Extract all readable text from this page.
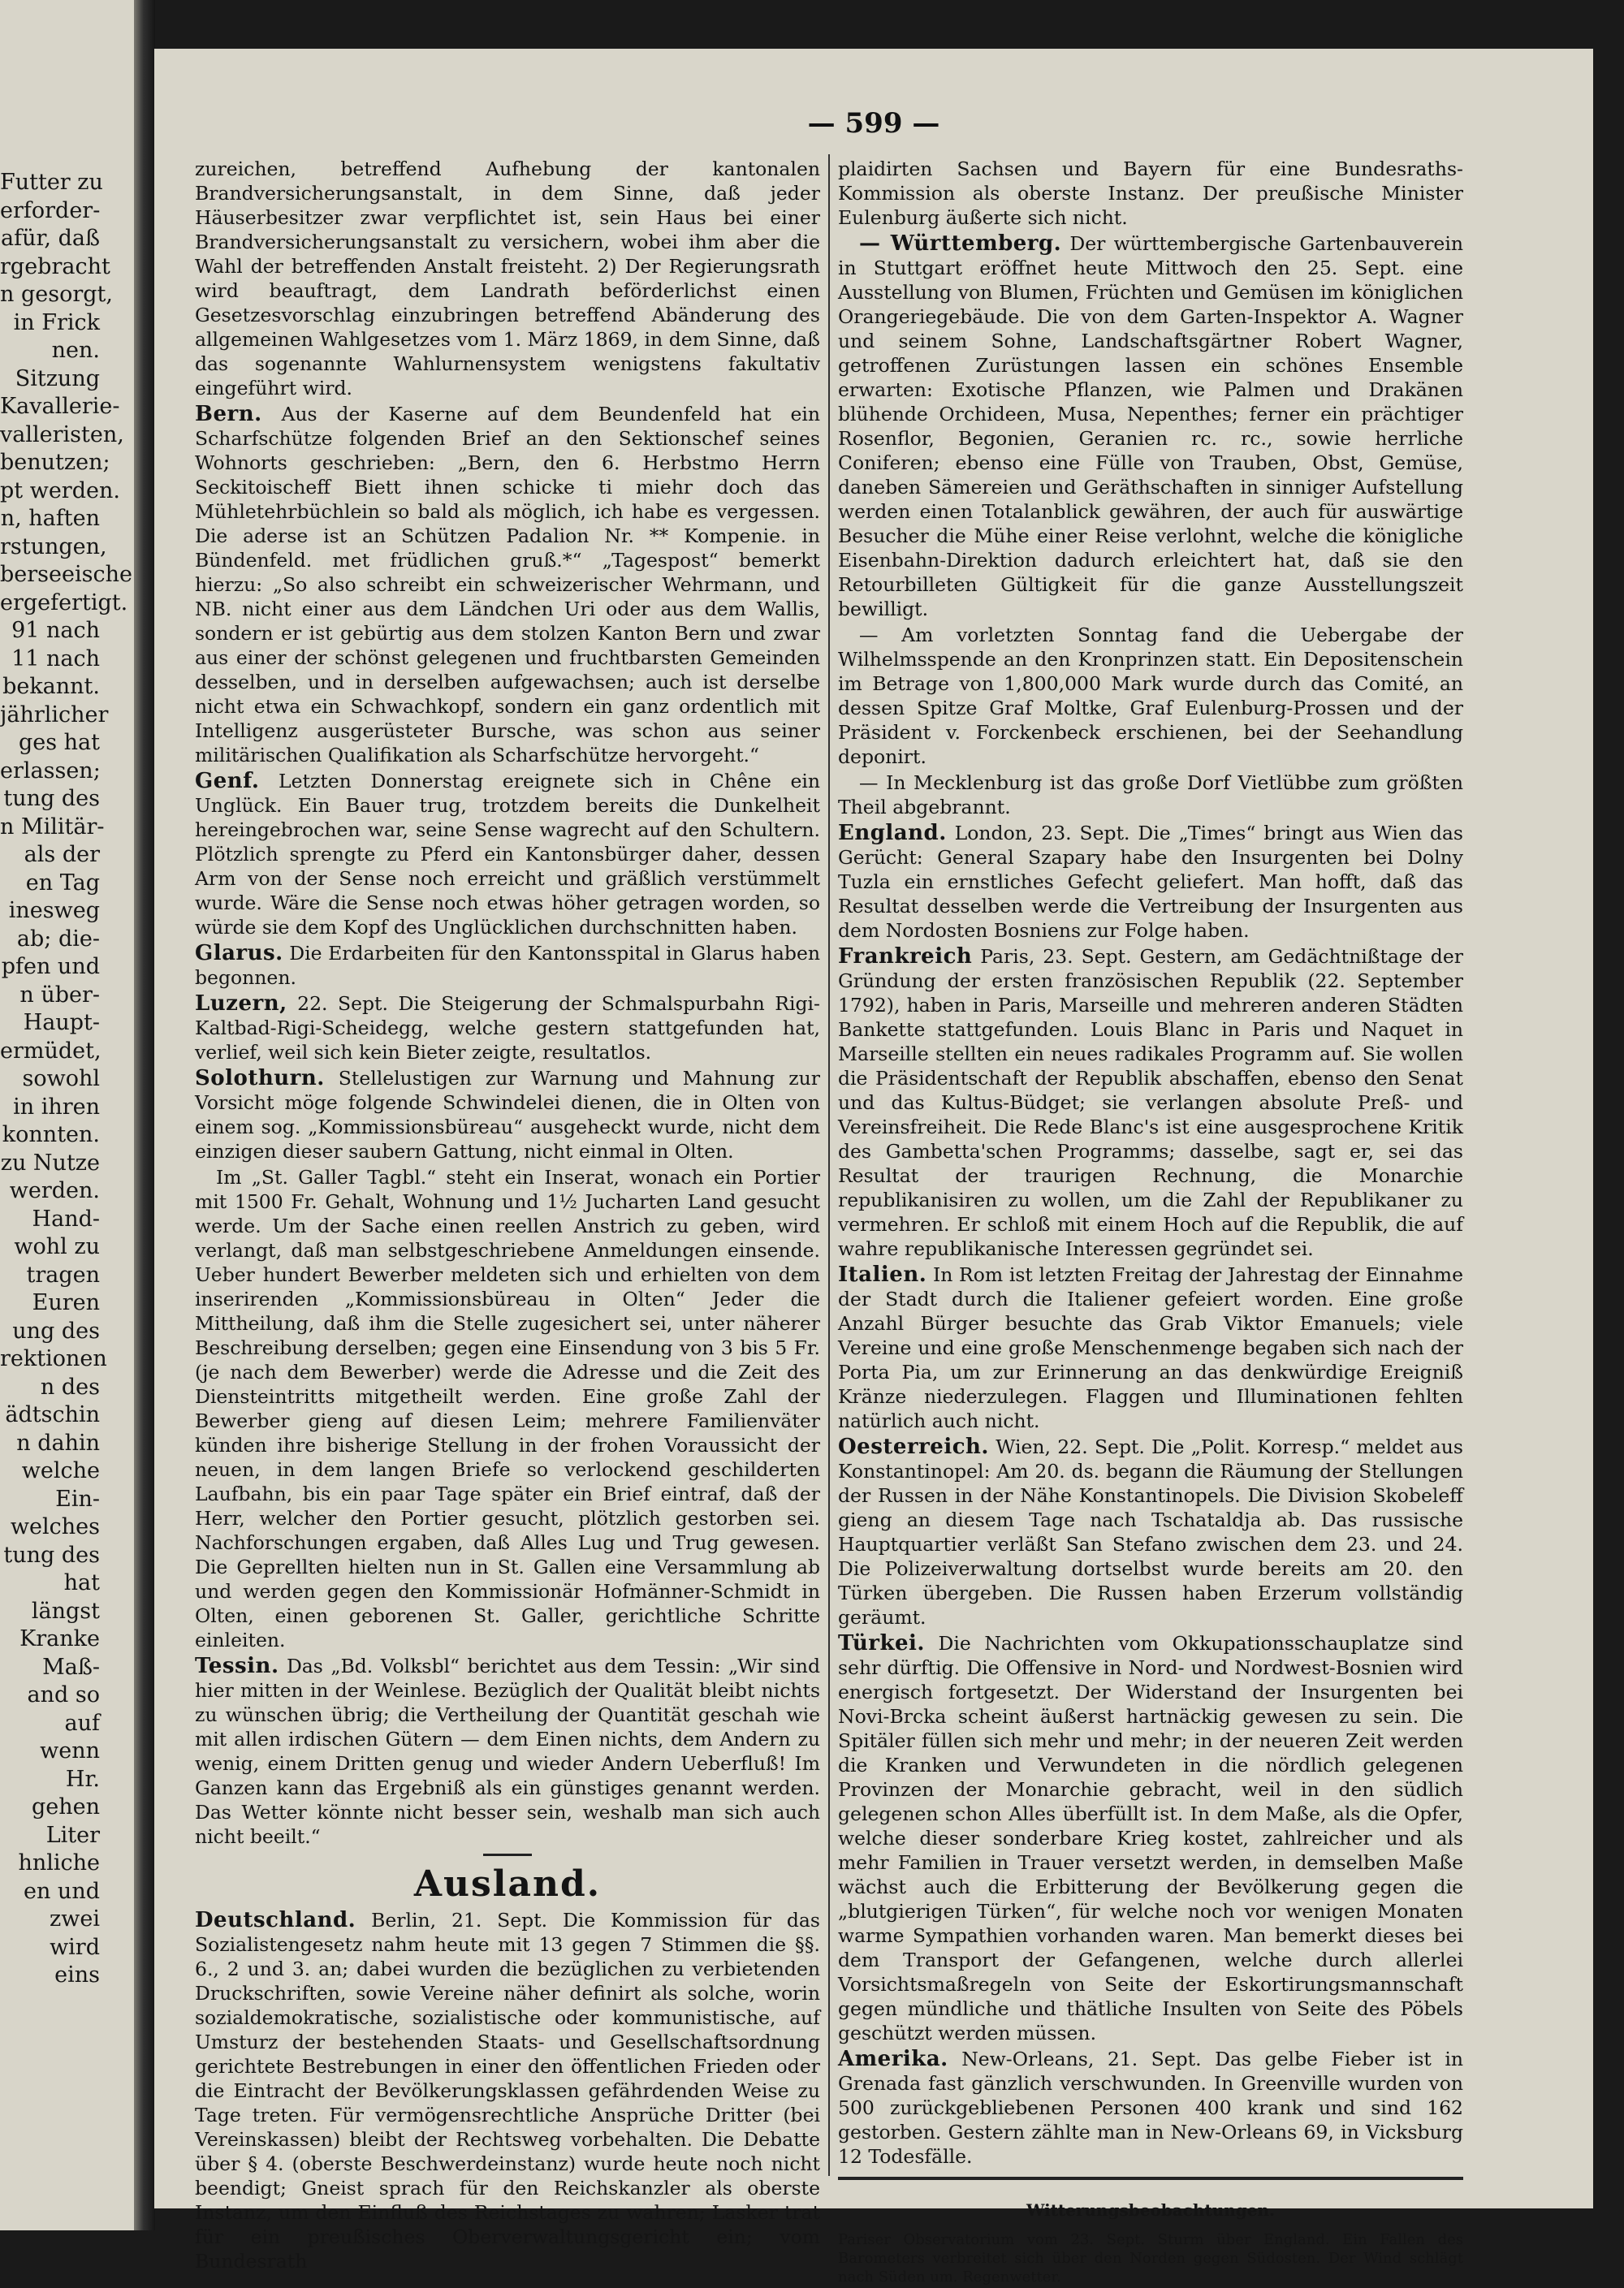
Futter zu
erforder-
afür, daß
rgebracht
n gesorgt,
in Frick
nen.
Sitzung
Kavallerie-
valleristen,
benutzen;
pt werden.
n, haften
rstungen,
berseeische
ergefertigt.
91 nach
11 nach
bekannt.
jährlicher
ges hat
erlassen;
tung des
n Militär-
als der
en Tag
inesweg
ab; die-
pfen und
n über-
Haupt-
ermüdet,
sowohl
in ihren
konnten.
zu Nutze
werden.
Hand-
wohl zu
tragen
Euren
ung des
rektionen
n des
ädtschin
n dahin
welche
Ein-
welches
tung des
hat
längst
Kranke
Maß-
and so
auf
wenn
Hr.
gehen
Liter
hnliche
en und
zwei
wird
eins
— 599 —

zureichen, betreffend Aufhebung der kantonalen Brandversicherungsanstalt, in dem Sinne, daß jeder Häuserbesitzer zwar verpflichtet ist, sein Haus bei einer Brandversicherungsanstalt zu versichern, wobei ihm aber die Wahl der betreffenden Anstalt freisteht. 2) Der Regierungsrath wird beauftragt, dem Landrath beförderlichst einen Gesetzesvorschlag einzubringen betreffend Abänderung des allgemeinen Wahlgesetzes vom 1. März 1869, in dem Sinne, daß das sogenannte Wahlurnensystem wenigstens fakultativ eingeführt wird.

Bern. Aus der Kaserne auf dem Beundenfeld hat ein Scharfschütze folgenden Brief an den Sektionschef seines Wohnorts geschrieben: „Bern, den 6. Herbstmo Herrn Seckitoischeff Biett ihnen schicke ti miehr doch das Mühletehrbüchlein so bald als möglich, ich habe es vergessen. Die aderse ist an Schützen Padalion Nr. ** Kompenie. in Bündenfeld. met früdlichen gruß.*“ „Tagespost“ bemerkt hierzu: „So also schreibt ein schweizerischer Wehrmann, und NB. nicht einer aus dem Ländchen Uri oder aus dem Wallis, sondern er ist gebürtig aus dem stolzen Kanton Bern und zwar aus einer der schönst gelegenen und fruchtbarsten Gemeinden desselben, und in derselben aufgewachsen; auch ist derselbe nicht etwa ein Schwachkopf, sondern ein ganz ordentlich mit Intelligenz ausgerüsteter Bursche, was schon aus seiner militärischen Qualifikation als Scharfschütze hervorgeht.“

Genf. Letzten Donnerstag ereignete sich in Chêne ein Unglück. Ein Bauer trug, trotzdem bereits die Dunkelheit hereingebrochen war, seine Sense wagrecht auf den Schultern. Plötzlich sprengte zu Pferd ein Kantonsbürger daher, dessen Arm von der Sense noch erreicht und gräßlich verstümmelt wurde. Wäre die Sense noch etwas höher getragen worden, so würde sie dem Kopf des Unglücklichen durchschnitten haben.

Glarus. Die Erdarbeiten für den Kantonsspital in Glarus haben begonnen.

Luzern, 22. Sept. Die Steigerung der Schmalspurbahn Rigi-Kaltbad-Rigi-Scheidegg, welche gestern stattgefunden hat, verlief, weil sich kein Bieter zeigte, resultatlos.

Solothurn. Stellelustigen zur Warnung und Mahnung zur Vorsicht möge folgende Schwindelei dienen, die in Olten von einem sog. „Kommissionsbüreau“ ausgeheckt wurde, nicht dem einzigen dieser saubern Gattung, nicht einmal in Olten.

Im „St. Galler Tagbl.“ steht ein Inserat, wonach ein Portier mit 1500 Fr. Gehalt, Wohnung und 1½ Jucharten Land gesucht werde. Um der Sache einen reellen Anstrich zu geben, wird verlangt, daß man selbstgeschriebene Anmeldungen einsende. Ueber hundert Bewerber meldeten sich und erhielten von dem inserirenden „Kommissionsbüreau in Olten“ Jeder die Mittheilung, daß ihm die Stelle zugesichert sei, unter näherer Beschreibung derselben; gegen eine Einsendung von 3 bis 5 Fr. (je nach dem Bewerber) werde die Adresse und die Zeit des Diensteintritts mitgetheilt werden. Eine große Zahl der Bewerber gieng auf diesen Leim; mehrere Familienväter künden ihre bisherige Stellung in der frohen Voraussicht der neuen, in dem langen Briefe so verlockend geschilderten Laufbahn, bis ein paar Tage später ein Brief eintraf, daß der Herr, welcher den Portier gesucht, plötzlich gestorben sei. Nachforschungen ergaben, daß Alles Lug und Trug gewesen. Die Geprellten hielten nun in St. Gallen eine Versammlung ab und werden gegen den Kommissionär Hofmänner-Schmidt in Olten, einen geborenen St. Galler, gerichtliche Schritte einleiten.

Tessin. Das „Bd. Volksbl“ berichtet aus dem Tessin: „Wir sind hier mitten in der Weinlese. Bezüglich der Qualität bleibt nichts zu wünschen übrig; die Vertheilung der Quantität geschah wie mit allen irdischen Gütern — dem Einen nichts, dem Andern zu wenig, einem Dritten genug und wieder Andern Ueberfluß! Im Ganzen kann das Ergebniß als ein günstiges genannt werden. Das Wetter könnte nicht besser sein, weshalb man sich auch nicht beeilt.“

Ausland.

Deutschland. Berlin, 21. Sept. Die Kommission für das Sozialistengesetz nahm heute mit 13 gegen 7 Stimmen die §§. 6., 2 und 3. an; dabei wurden die bezüglichen zu verbietenden Druckschriften, sowie Vereine näher definirt als solche, worin sozialdemokratische, sozialistische oder kommunistische, auf Umsturz der bestehenden Staats- und Gesellschaftsordnung gerichtete Bestrebungen in einer den öffentlichen Frieden oder die Eintracht der Bevölkerungsklassen gefährdenden Weise zu Tage treten. Für vermögensrechtliche Ansprüche Dritter (bei Vereinskassen) bleibt der Rechtsweg vorbehalten. Die Debatte über § 4. (oberste Beschwerdeinstanz) wurde heute noch nicht beendigt; Gneist sprach für den Reichskanzler als oberste Instanz, um den Einfluß des Reichstages zu wahren; Lasker trat für ein preußisches Oberverwaltungsgericht ein; vom Bundesrath

plaidirten Sachsen und Bayern für eine Bundesraths-Kommission als oberste Instanz. Der preußische Minister Eulenburg äußerte sich nicht.

— Württemberg. Der württembergische Gartenbauverein in Stuttgart eröffnet heute Mittwoch den 25. Sept. eine Ausstellung von Blumen, Früchten und Gemüsen im königlichen Orangeriegebäude. Die von dem Garten-Inspektor A. Wagner und seinem Sohne, Landschaftsgärtner Robert Wagner, getroffenen Zurüstungen lassen ein schönes Ensemble erwarten: Exotische Pflanzen, wie Palmen und Drakänen blühende Orchideen, Musa, Nepenthes; ferner ein prächtiger Rosenflor, Begonien, Geranien rc. rc., sowie herrliche Coniferen; ebenso eine Fülle von Trauben, Obst, Gemüse, daneben Sämereien und Geräthschaften in sinniger Aufstellung werden einen Totalanblick gewähren, der auch für auswärtige Besucher die Mühe einer Reise verlohnt, welche die königliche Eisenbahn-Direktion dadurch erleichtert hat, daß sie den Retourbilleten Gültigkeit für die ganze Ausstellungszeit bewilligt.

— Am vorletzten Sonntag fand die Uebergabe der Wilhelmsspende an den Kronprinzen statt. Ein Depositenschein im Betrage von 1,800,000 Mark wurde durch das Comité, an dessen Spitze Graf Moltke, Graf Eulenburg-Prossen und der Präsident v. Forckenbeck erschienen, bei der Seehandlung deponirt.

— In Mecklenburg ist das große Dorf Vietlübbe zum größten Theil abgebrannt.

England. London, 23. Sept. Die „Times“ bringt aus Wien das Gerücht: General Szapary habe den Insurgenten bei Dolny Tuzla ein ernstliches Gefecht geliefert. Man hofft, daß das Resultat desselben werde die Vertreibung der Insurgenten aus dem Nordosten Bosniens zur Folge haben.

Frankreich Paris, 23. Sept. Gestern, am Gedächtnißtage der Gründung der ersten französischen Republik (22. September 1792), haben in Paris, Marseille und mehreren anderen Städten Bankette stattgefunden. Louis Blanc in Paris und Naquet in Marseille stellten ein neues radikales Programm auf. Sie wollen die Präsidentschaft der Republik abschaffen, ebenso den Senat und das Kultus-Büdget; sie verlangen absolute Preß- und Vereinsfreiheit. Die Rede Blanc's ist eine ausgesprochene Kritik des Gambetta'schen Programms; dasselbe, sagt er, sei das Resultat der traurigen Rechnung, die Monarchie republikanisiren zu wollen, um die Zahl der Republikaner zu vermehren. Er schloß mit einem Hoch auf die Republik, die auf wahre republikanische Interessen gegründet sei.

Italien. In Rom ist letzten Freitag der Jahrestag der Einnahme der Stadt durch die Italiener gefeiert worden. Eine große Anzahl Bürger besuchte das Grab Viktor Emanuels; viele Vereine und eine große Menschenmenge begaben sich nach der Porta Pia, um zur Erinnerung an das denkwürdige Ereigniß Kränze niederzulegen. Flaggen und Illuminationen fehlten natürlich auch nicht.

Oesterreich. Wien, 22. Sept. Die „Polit. Korresp.“ meldet aus Konstantinopel: Am 20. ds. begann die Räumung der Stellungen der Russen in der Nähe Konstantinopels. Die Division Skobeleff gieng an diesem Tage nach Tschataldja ab. Das russische Hauptquartier verläßt San Stefano zwischen dem 23. und 24. Die Polizeiverwaltung dortselbst wurde bereits am 20. den Türken übergeben. Die Russen haben Erzerum vollständig geräumt.

Türkei. Die Nachrichten vom Okkupationsschauplatze sind sehr dürftig. Die Offensive in Nord- und Nordwest-Bosnien wird energisch fortgesetzt. Der Widerstand der Insurgenten bei Novi-Brcka scheint äußerst hartnäckig gewesen zu sein. Die Spitäler füllen sich mehr und mehr; in der neueren Zeit werden die Kranken und Verwundeten in die nördlich gelegenen Provinzen der Monarchie gebracht, weil in den südlich gelegenen schon Alles überfüllt ist. In dem Maße, als die Opfer, welche dieser sonderbare Krieg kostet, zahlreicher und als mehr Familien in Trauer versetzt werden, in demselben Maße wächst auch die Erbitterung der Bevölkerung gegen die „blutgierigen Türken“, für welche noch vor wenigen Monaten warme Sympathien vorhanden waren. Man bemerkt dieses bei dem Transport der Gefangenen, welche durch allerlei Vorsichtsmaßregeln von Seite der Eskortirungsmannschaft gegen mündliche und thätliche Insulten von Seite des Pöbels geschützt werden müssen.

Amerika. New-Orleans, 21. Sept. Das gelbe Fieber ist in Grenada fast gänzlich verschwunden. In Greenville wurden von 500 zurückgebliebenen Personen 400 krank und sind 162 gestorben. Gestern zählte man in New-Orleans 69, in Vicksburg 12 Todesfälle.

Witterungsbeobachtungen.

Pariser Observatorium vom 23. Sept. Sturm über England. Ein Fallen des Barometers verbreitet sich über den Norden gegen Südosten. Der Wind schlägt nach Süden um. Regenwetter.
